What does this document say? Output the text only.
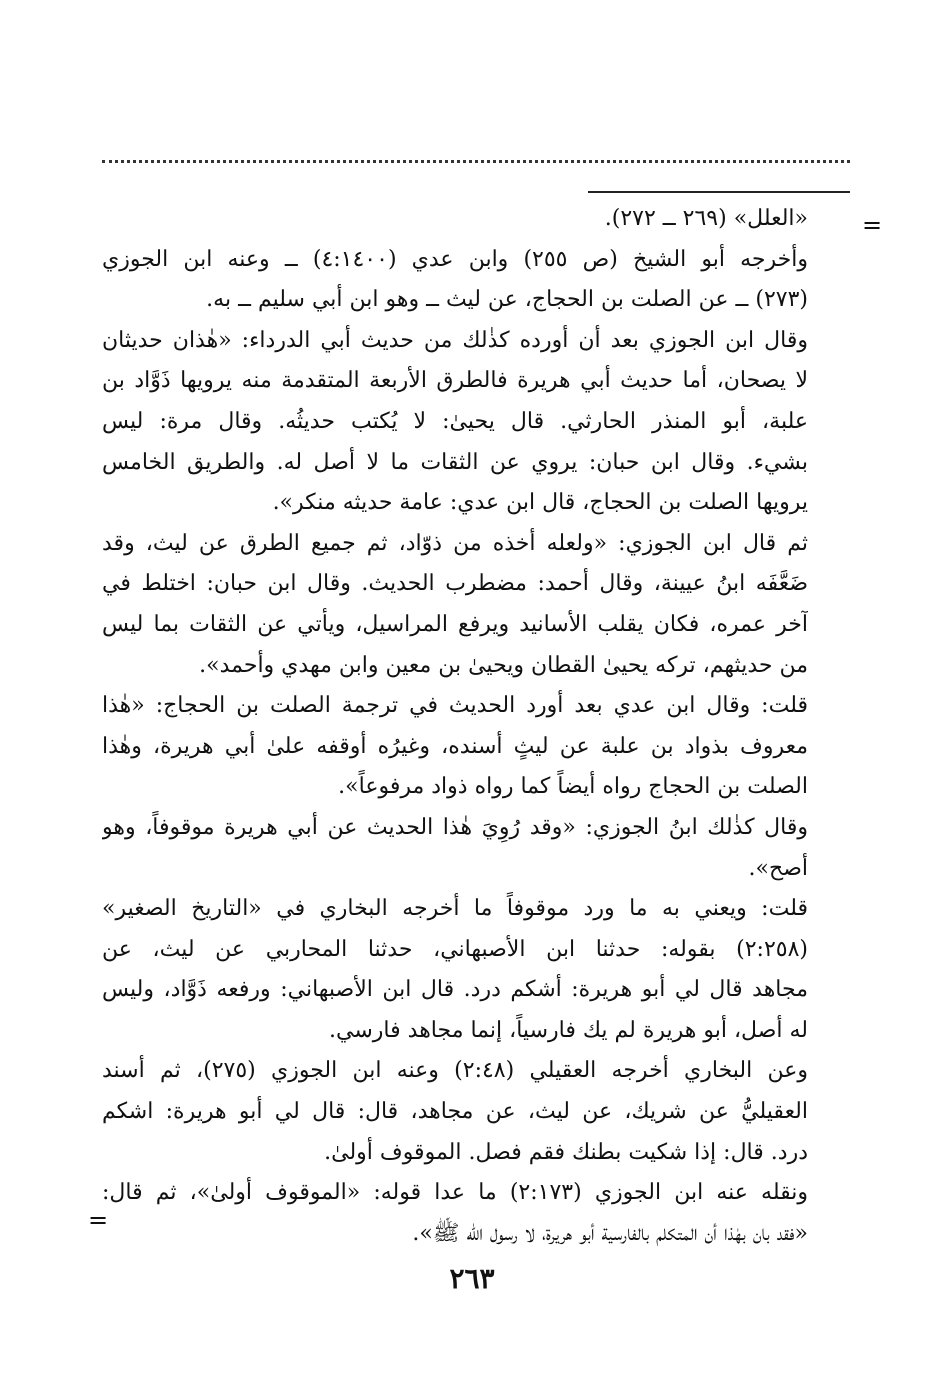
=
=
«العلل» (٢٦٩ ــ ٢٧٢).
وأخرجه أبو الشيخ (ص ٢٥٥) وابن عدي (٤:١٤٠٠) ــ وعنه ابن الجوزي
(٢٧٣) ــ عن الصلت بن الحجاج، عن ليث ــ وهو ابن أبي سليم ــ به.
وقال ابن الجوزي بعد أن أورده كذٰلك من حديث أبي الدرداء: «هٰذان حديثان
لا يصحان، أما حديث أبي هريرة فالطرق الأربعة المتقدمة منه يرويها ذَوَّاد بن
علبة، أبو المنذر الحارثي. قال يحيىٰ: لا يُكتب حديثُه. وقال مرة: ليس
بشيء. وقال ابن حبان: يروي عن الثقات ما لا أصل له. والطريق الخامس
يرويها الصلت بن الحجاج، قال ابن عدي: عامة حديثه منكر».
ثم قال ابن الجوزي: «ولعله أخذه من ذوّاد، ثم جميع الطرق عن ليث، وقد
ضَعَّفَه ابنُ عيينة، وقال أحمد: مضطرب الحديث. وقال ابن حبان: اختلط في
آخر عمره، فكان يقلب الأسانيد ويرفع المراسيل، ويأتي عن الثقات بما ليس
من حديثهم، تركه يحيىٰ القطان ويحيىٰ بن معين وابن مهدي وأحمد».
قلت: وقال ابن عدي بعد أورد الحديث في ترجمة الصلت بن الحجاج: «هٰذا
معروف بذواد بن علبة عن ليثٍ أسنده، وغيرُه أوقفه علىٰ أبي هريرة، وهٰذا
الصلت بن الحجاج رواه أيضاً كما رواه ذواد مرفوعاً».
وقال كذٰلك ابنُ الجوزي: «وقد رُوِيَ هٰذا الحديث عن أبي هريرة موقوفاً، وهو
أصح».
قلت: ويعني به ما ورد موقوفاً ما أخرجه البخاري في «التاريخ الصغير»
(٢:٢٥٨) بقوله: حدثنا ابن الأصبهاني، حدثنا المحاربي عن ليث، عن
مجاهد قال لي أبو هريرة: أشكم درد. قال ابن الأصبهاني: ورفعه ذَوَّاد، وليس
له أصل، أبو هريرة لم يك فارسياً، إنما مجاهد فارسي.
وعن البخاري أخرجه العقيلي (٢:٤٨) وعنه ابن الجوزي (٢٧٥)، ثم أسند
العقيليُّ عن شريك، عن ليث، عن مجاهد، قال: قال لي أبو هريرة: اشكم
درد. قال: إذا شكيت بطنك فقم فصل. الموقوف أولىٰ.
ونقله عنه ابن الجوزي (٢:١٧٣) ما عدا قوله: «الموقوف أولىٰ»، ثم قال:
«فقد بان بهٰذا أن المتكلم بالفارسية أبو هريرة، لا رسول الله ﷺ».
٢٦٣
